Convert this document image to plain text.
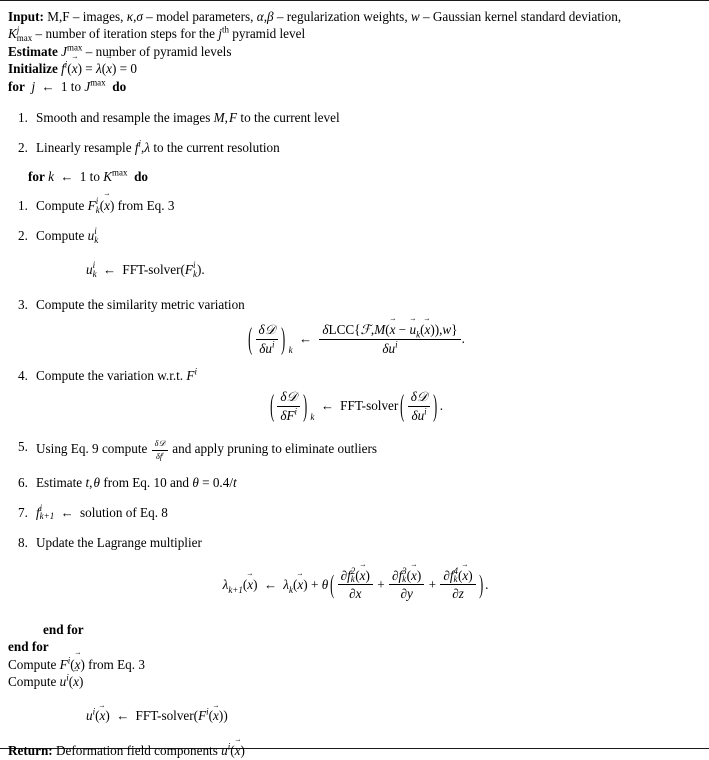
Input: M,F – images, κ,σ – model parameters, α,β – regularization weights, w – Gaussian kernel standard deviation,
K j
max – number of iteration steps for the $j^{th}$ pyramid level
Estimate $J^{max}$ – number of pyramid levels
Initialize $f^i(x$ →) = λ(x →) = 0
for  j ← 1 to $J^{max}$ do
1. Smooth and resample the images M, F to the current level
2. Linearly resample $f^i,\lambda$ to the current resolution
for k ← 1 to $K^{max}$ do
1. Compute F i
k (x →) from Eq. 3
2. Compute u i
k
u i
k ← FFT-solver(F i
k ).
3. Compute the similarity metric variation
( $\frac{\text{δ𝒟}}{\delta u^i}$ ) $_k$ ← $\frac{\delta LCC\{ℱ,M(x \to - u \to_k(x \to)),w\}}{\delta u^i}$ .
4. Compute the variation w.r.t. $F^i$
( $\frac{\text{δ𝒟}}{\delta F^i}$ ) $_k$ ← FFT-solver ( $\frac{\text{δ𝒟}}{\delta u^i}$ ) .
5. Using Eq. 9 compute $\frac{\text{δ𝒟}}{\delta f^i}$ and apply pruning to eliminate outliers
6. Estimate t, θ from Eq. 10 and θ = 0.4/t
7. f i
k+1 ← solution of Eq. 8
8. Update the Lagrange multiplier
$\lambda_{k+1}(x$ →) ← $\lambda_k(x$ →) + θ ( ∂f 2
k (x →)
∂x + ∂f 3
k (x →)
∂y + ∂f 4
k (x →)
∂z ) .
end for
end for
Compute $F^i(x$ →) from Eq. 3
Compute $u^i(x$ →)
$u^i(x$ →) ← FFT-$solver(F^i(x$ →))
Return: Deformation field components $u^i(x$ →)
